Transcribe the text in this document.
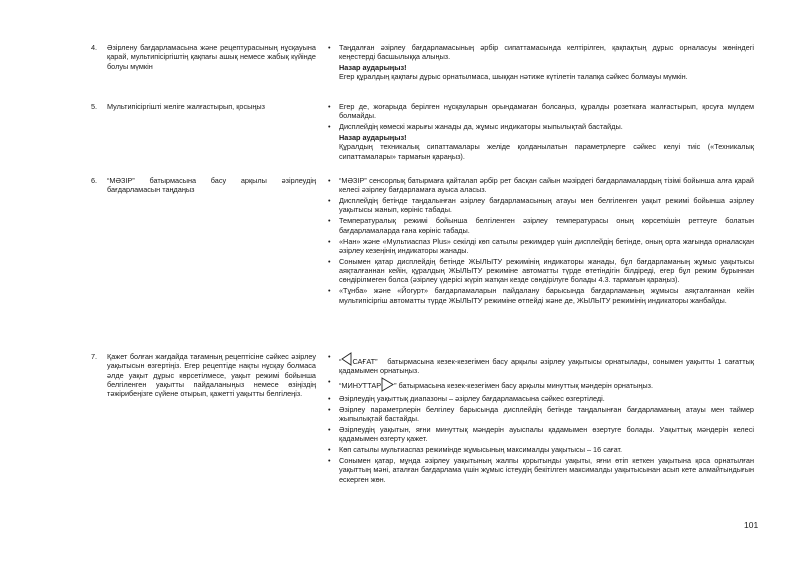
4. Әзірлену бағдарламасына және рецептурасының нұсқауына қарай, мультипісіргіштің қақпағы ашық немесе жабық күйінде болуы мүмкін
• Таңдалған әзірлеу бағдарламасының әрбір сипаттамасында келтірілген, қақпақтың дұрыс орналасуы жөніндегі кеңестерді басшылыққа алыңыз.
Назар аударыңыз!
Егер құралдың қақпағы дұрыс орнатылмаса, шыққан нәтиже күтілетін талапқа сәйкес болмауы мүмкін.
5. Мультипісіргішті желіге жалғастырып, қосыңыз	• Егер де, жоғарыда берілген нұсқауларын орындамаған болсаңыз, құралды розеткаға жалғастырып, қосуға мүлдем болмайды.
• Дисплейдің көмескі жарығы жанады да, жұмыс индикаторы жыпылықтай бастайды.
Назар аударыңыз!
Құралдың техникалық сипаттамалары желіде қолданылатын параметрлерге сәйкес келуі тиіс («Техникалық сипаттамалары» тармағын қараңыз).
6. “МӘЗІР” батырмасына басу арқылы әзірлеудің бағдарламасын таңдаңыз
• “МӘЗІР” сенсорлық батырмаға қайталап әрбір рет басқан сайын мәзірдегі бағдарламалардың тізімі бойынша алға қарай келесі әзірлеу бағдарламаға ауыса аласыз.
• Дисплейдің бетінде таңдалынған әзірлеу бағдарламасының атауы мен белгіленген уақыт режимі бойынша әзірлеу уақытысы жанып, көрініс табады.
• Температуралық режимі бойынша белгіленген әзірлеу температурасы оның көрсеткішін реттеуге болатын бағдарламаларда ғана көрініс табады.
• «Нан» және «Мультиаспаз Plus» секілді көп сатылы режимдер үшін дисплейдің бетінде, оның орта жағында орналасқан әзірлеу кезеңінің индикаторы жанады.
• Сонымен қатар дисплейдің бетінде ЖЫЛЫТУ режимінің индикаторы жанады, бұл бағдарламаның жұмыс уақытысы аяқталғаннан кейін, құралдың ЖЫЛЫТУ режиміне автоматты түрде өтетіндігін білдіреді, егер бұл режим бұрыннан сөндірілмеген болса (әзірлеу үдерісі жүріп жатқан кезде сөндірілуге болады 4.3. тармағын қараңыз).
• «Тұнба» және «Йогурт» бағдарламаларын пайдалану барысында бағдарламаның жұмысы аяқталғаннан кейін мультипісіргіш автоматты түрде ЖЫЛЫТУ режиміне өтпейді және де, ЖЫЛЫТУ режимінің индикаторы жанбайды.
7. Қажет болған жағдайда тағамның рецептісіне сәйкес әзірлеу уақытысын өзгертіңіз. Егер рецептіде нақты нұсқау болмаса әлде уақыт дұрыс көрсетілмесе, уақыт режимі бойынша белгіленген уақытты пайдаланыңыз немесе өзіңіздің тәжірибеңізге сүйене отырып, қажетті уақытты белгілеңіз.
•
“ САҒАТ”   батырмасына кезек-кезегімен басу арқылы әзірлеу уақытысы орнатылады, сонымен уақытты 1 сағаттық қадамымен орнатыңыз.
• “МИНУТТАР ” батырмасына кезек-кезегімен басу арқылы минуттық мәндерін орнатыңыз.
• Әзірлеудің уақыттық диапазоны – әзірлеу бағдарламасына сәйкес өзгертіледі.
• Әзірлеу параметрлерін белгілеу барысында дисплейдің бетінде таңдалынған бағдарламаның атауы мен таймер жыпылықтай бастайды.
• Әзірлеудің уақытын, яғни минуттық мәндерін ауыспалы қадамымен өзертуге болады. Уақыттық мәндерін келесі қадамымен өзгерту қажет.
• Көп сатылы мультиаспаз режимінде жұмысының максималды уақытысы – 16 сағат.
• Сонымен қатар, мұнда әзірлеу уақытының жалпы қорытынды уақыты, яғни өтіп кеткен уақытына қоса орнатылған уақыттың мәні, аталған бағдарлама үшін жұмыс істеудің бекітілген максималды уақытысынан асып кете алмайтындығын ескерген жөн.
101
